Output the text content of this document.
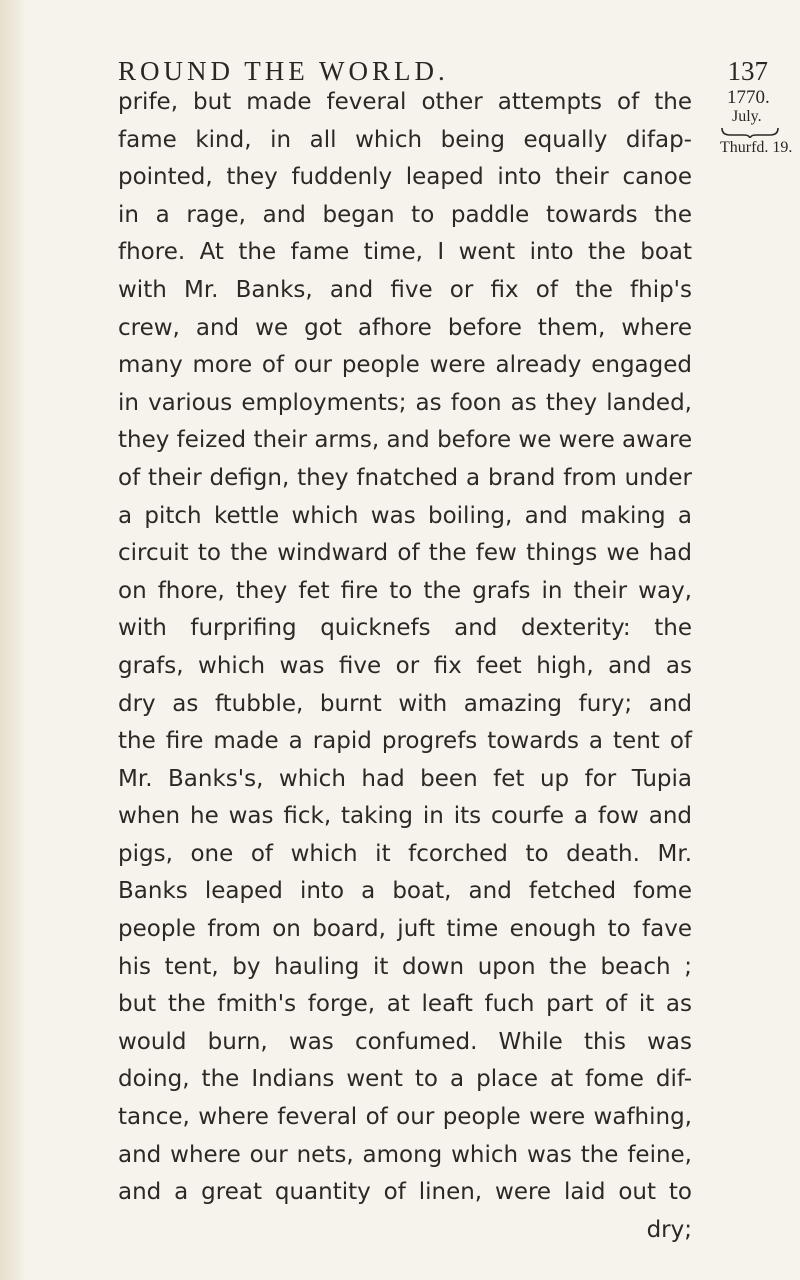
ROUND THE WORLD.	137
1770.
July.
Thurfd. 19.
prife, but made feveral other attempts of the
fame kind, in all which being equally difap-
pointed, they fuddenly leaped into their canoe
in a rage, and began to paddle towards the
fhore. At the fame time, I went into the boat
with Mr. Banks, and five or fix of the fhip's
crew, and we got afhore before them, where
many more of our people were already engaged
in various employments; as foon as they landed,
they feized their arms, and before we were aware
of their defign, they fnatched a brand from under
a pitch kettle which was boiling, and making a
circuit to the windward of the few things we had
on fhore, they fet fire to the grafs in their way,
with furprifing quicknefs and dexterity: the
grafs, which was five or fix feet high, and as
dry as ftubble, burnt with amazing fury; and
the fire made a rapid progrefs towards a tent of
Mr. Banks's, which had been fet up for Tupia
when he was fick, taking in its courfe a fow and
pigs, one of which it fcorched to death. Mr.
Banks leaped into a boat, and fetched fome
people from on board, juft time enough to fave
his tent, by hauling it down upon the beach ;
but the fmith's forge, at leaft fuch part of it as
would burn, was confumed. While this was
doing, the Indians went to a place at fome dif-
tance, where feveral of our people were wafhing,
and where our nets, among which was the feine,
and a great quantity of linen, were laid out to
dry;
